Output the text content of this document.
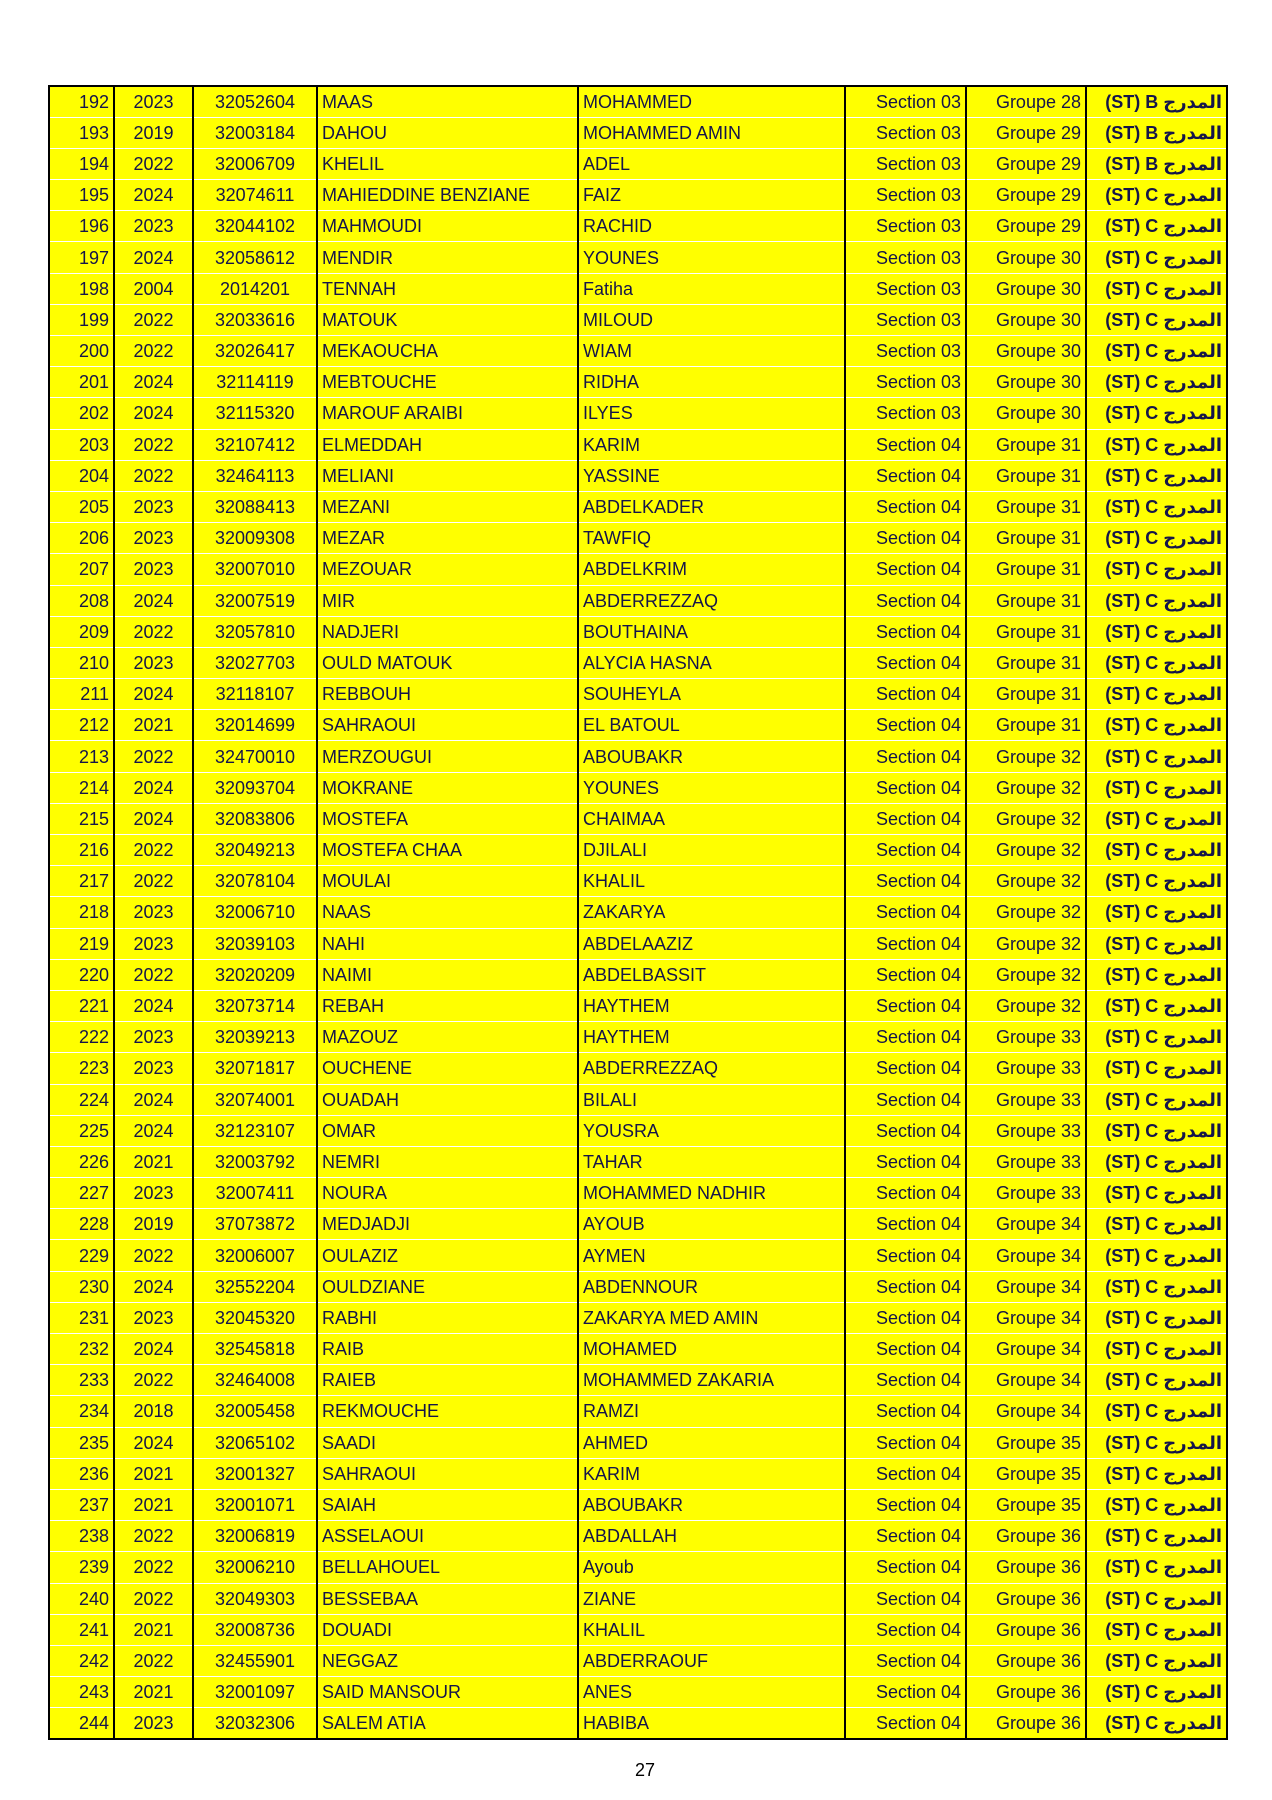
192	2023	32052604	MAAS	MOHAMMED	Section 03	Groupe 28	(ST) B المدرج
193	2019	32003184	DAHOU	MOHAMMED AMIN	Section 03	Groupe 29	(ST) B المدرج
194	2022	32006709	KHELIL	ADEL	Section 03	Groupe 29	(ST) B المدرج
195	2024	32074611	MAHIEDDINE BENZIANE	FAIZ	Section 03	Groupe 29	(ST) C المدرج
196	2023	32044102	MAHMOUDI	RACHID	Section 03	Groupe 29	(ST) C المدرج
197	2024	32058612	MENDIR	YOUNES	Section 03	Groupe 30	(ST) C المدرج
198	2004	2014201	TENNAH	Fatiha	Section 03	Groupe 30	(ST) C المدرج
199	2022	32033616	MATOUK	MILOUD	Section 03	Groupe 30	(ST) C المدرج
200	2022	32026417	MEKAOUCHA	WIAM	Section 03	Groupe 30	(ST) C المدرج
201	2024	32114119	MEBTOUCHE	RIDHA	Section 03	Groupe 30	(ST) C المدرج
202	2024	32115320	MAROUF ARAIBI	ILYES	Section 03	Groupe 30	(ST) C المدرج
203	2022	32107412	ELMEDDAH	KARIM	Section 04	Groupe 31	(ST) C المدرج
204	2022	32464113	MELIANI	YASSINE	Section 04	Groupe 31	(ST) C المدرج
205	2023	32088413	MEZANI	ABDELKADER	Section 04	Groupe 31	(ST) C المدرج
206	2023	32009308	MEZAR	TAWFIQ	Section 04	Groupe 31	(ST) C المدرج
207	2023	32007010	MEZOUAR	ABDELKRIM	Section 04	Groupe 31	(ST) C المدرج
208	2024	32007519	MIR	ABDERREZZAQ	Section 04	Groupe 31	(ST) C المدرج
209	2022	32057810	NADJERI	BOUTHAINA	Section 04	Groupe 31	(ST) C المدرج
210	2023	32027703	OULD MATOUK	ALYCIA HASNA	Section 04	Groupe 31	(ST) C المدرج
211	2024	32118107	REBBOUH	SOUHEYLA	Section 04	Groupe 31	(ST) C المدرج
212	2021	32014699	SAHRAOUI	EL BATOUL	Section 04	Groupe 31	(ST) C المدرج
213	2022	32470010	MERZOUGUI	ABOUBAKR	Section 04	Groupe 32	(ST) C المدرج
214	2024	32093704	MOKRANE	YOUNES	Section 04	Groupe 32	(ST) C المدرج
215	2024	32083806	MOSTEFA	CHAIMAA	Section 04	Groupe 32	(ST) C المدرج
216	2022	32049213	MOSTEFA CHAA	DJILALI	Section 04	Groupe 32	(ST) C المدرج
217	2022	32078104	MOULAI	KHALIL	Section 04	Groupe 32	(ST) C المدرج
218	2023	32006710	NAAS	ZAKARYA	Section 04	Groupe 32	(ST) C المدرج
219	2023	32039103	NAHI	ABDELAAZIZ	Section 04	Groupe 32	(ST) C المدرج
220	2022	32020209	NAIMI	ABDELBASSIT	Section 04	Groupe 32	(ST) C المدرج
221	2024	32073714	REBAH	HAYTHEM	Section 04	Groupe 32	(ST) C المدرج
222	2023	32039213	MAZOUZ	HAYTHEM	Section 04	Groupe 33	(ST) C المدرج
223	2023	32071817	OUCHENE	ABDERREZZAQ	Section 04	Groupe 33	(ST) C المدرج
224	2024	32074001	OUADAH	BILALI	Section 04	Groupe 33	(ST) C المدرج
225	2024	32123107	OMAR	YOUSRA	Section 04	Groupe 33	(ST) C المدرج
226	2021	32003792	NEMRI	TAHAR	Section 04	Groupe 33	(ST) C المدرج
227	2023	32007411	NOURA	MOHAMMED NADHIR	Section 04	Groupe 33	(ST) C المدرج
228	2019	37073872	MEDJADJI	AYOUB	Section 04	Groupe 34	(ST) C المدرج
229	2022	32006007	OULAZIZ	AYMEN	Section 04	Groupe 34	(ST) C المدرج
230	2024	32552204	OULDZIANE	ABDENNOUR	Section 04	Groupe 34	(ST) C المدرج
231	2023	32045320	RABHI	ZAKARYA MED AMIN	Section 04	Groupe 34	(ST) C المدرج
232	2024	32545818	RAIB	MOHAMED	Section 04	Groupe 34	(ST) C المدرج
233	2022	32464008	RAIEB	MOHAMMED ZAKARIA	Section 04	Groupe 34	(ST) C المدرج
234	2018	32005458	REKMOUCHE	RAMZI	Section 04	Groupe 34	(ST) C المدرج
235	2024	32065102	SAADI	AHMED	Section 04	Groupe 35	(ST) C المدرج
236	2021	32001327	SAHRAOUI	KARIM	Section 04	Groupe 35	(ST) C المدرج
237	2021	32001071	SAIAH	ABOUBAKR	Section 04	Groupe 35	(ST) C المدرج
238	2022	32006819	ASSELAOUI	ABDALLAH	Section 04	Groupe 36	(ST) C المدرج
239	2022	32006210	BELLAHOUEL	Ayoub	Section 04	Groupe 36	(ST) C المدرج
240	2022	32049303	BESSEBAA	ZIANE	Section 04	Groupe 36	(ST) C المدرج
241	2021	32008736	DOUADI	KHALIL	Section 04	Groupe 36	(ST) C المدرج
242	2022	32455901	NEGGAZ	ABDERRAOUF	Section 04	Groupe 36	(ST) C المدرج
243	2021	32001097	SAID MANSOUR	ANES	Section 04	Groupe 36	(ST) C المدرج
244	2023	32032306	SALEM ATIA	HABIBA	Section 04	Groupe 36	(ST) C المدرج
27
